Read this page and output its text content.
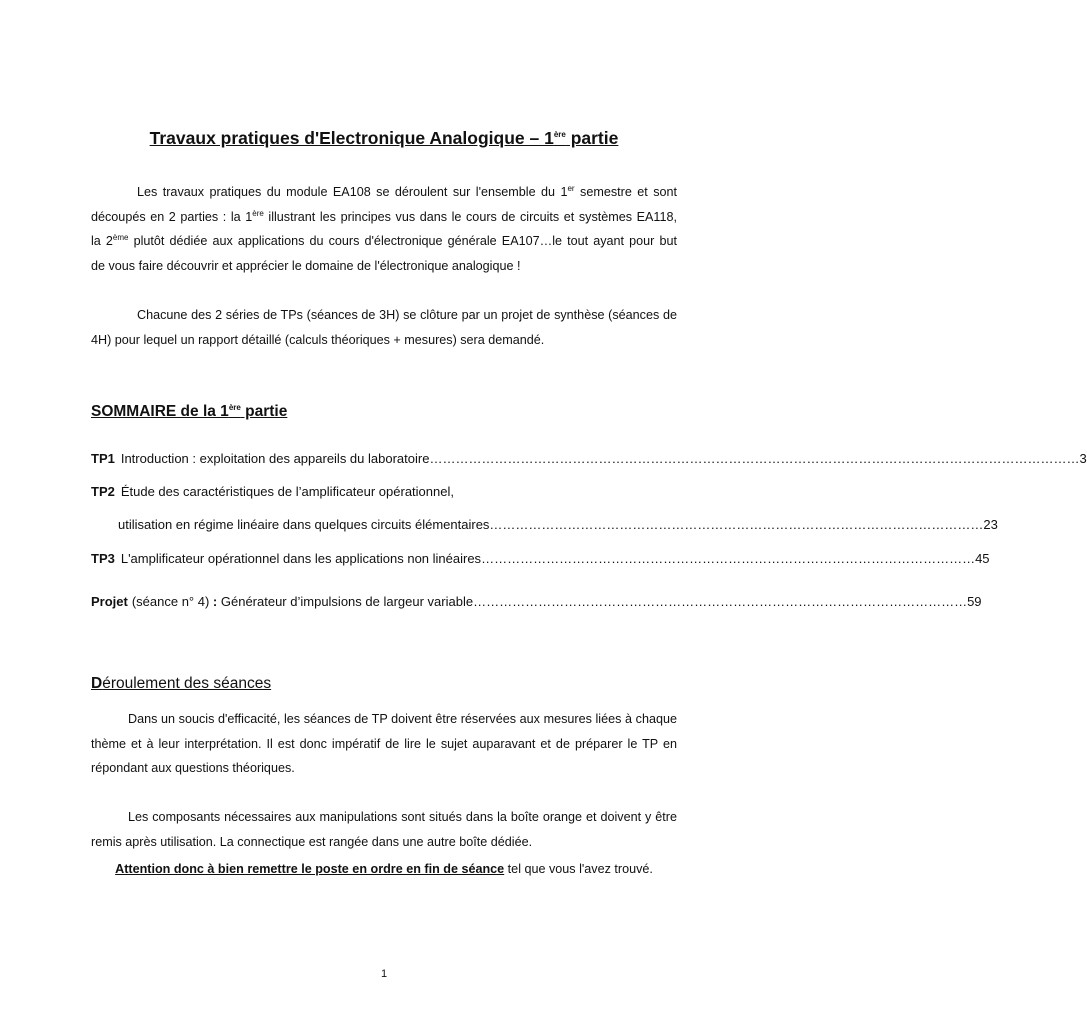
Travaux pratiques d'Electronique Analogique – 1ère partie
Les travaux pratiques du module EA108 se déroulent sur l'ensemble du 1er semestre et sont
découpés en 2 parties : la 1ère illustrant les principes vus dans le cours de circuits et systèmes EA118,
la 2ème plutôt dédiée aux applications du cours d'électronique générale EA107…le tout ayant pour but
de vous faire découvrir et apprécier le domaine de l'électronique analogique !
Chacune des 2 séries de TPs (séances de 3H) se clôture par un projet de synthèse (séances de
4H) pour lequel un rapport détaillé (calculs théoriques + mesures) sera demandé.
SOMMAIRE de la 1ère partie
TP1 Introduction : exploitation des appareils du laboratoire …………………………………………………………………………………………………………………………………… 3
TP2 Étude des caractéristiques de l’amplificateur opérationnel,
utilisation en régime linéaire dans quelques circuits élémentaires …………………………………………………………………………………………………… 23
TP3 L'amplificateur opérationnel dans les applications non linéaires …………………………………………………………………………………………………… 45
Projet (séance n° 4) : Générateur d’impulsions de largeur variable …………………………………………………………………………………………………… 59
Déroulement des séances
Dans un soucis d'efficacité, les séances de TP doivent être réservées aux mesures liées à chaque
thème et à leur interprétation. Il est donc impératif de lire le sujet auparavant et de préparer le TP en
répondant aux questions théoriques.
Les composants nécessaires aux manipulations sont situés dans la boîte orange et doivent y être
remis après utilisation. La connectique est rangée dans une autre boîte dédiée.
Attention donc à bien remettre le poste en ordre en fin de séance tel que vous l'avez trouvé.
1
